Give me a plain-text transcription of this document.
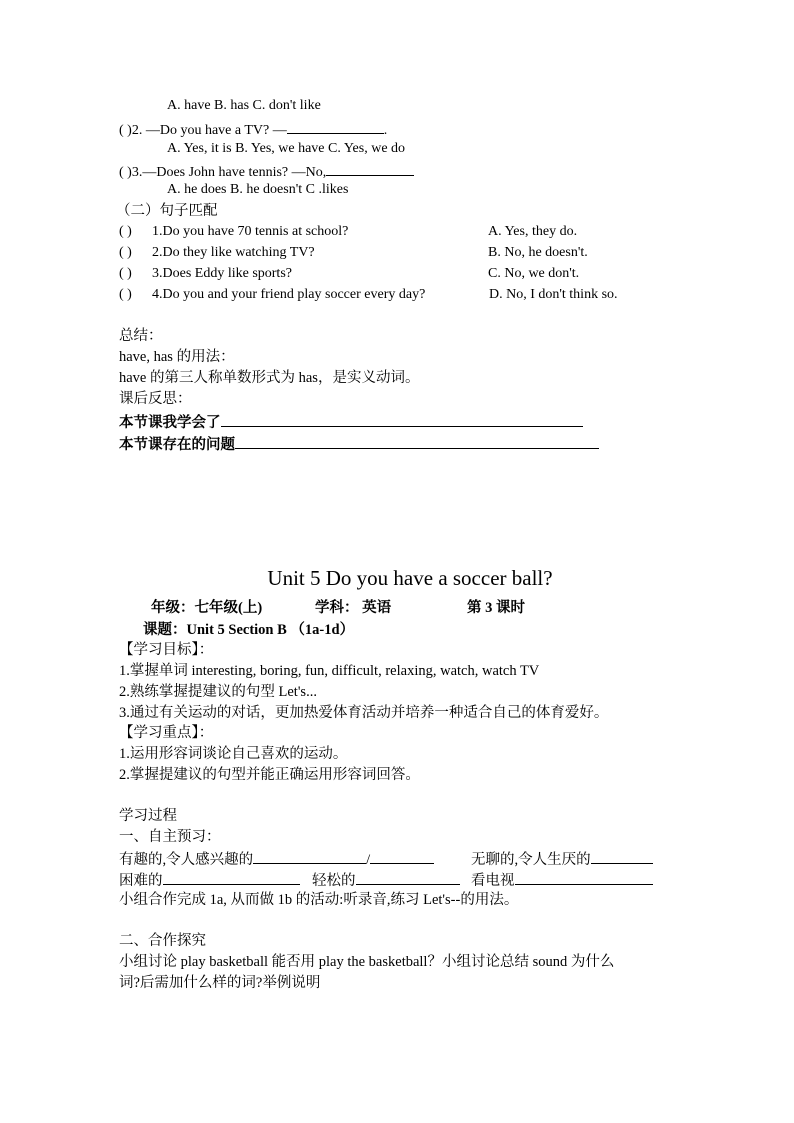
A. have B. has C. don't like
( )2. —Do you have a TV? —	.
A. Yes, it is B. Yes, we have C. Yes, we do
( )3.—Does John have tennis? —No,
A. he does B. he doesn't C .likes
（二）句子匹配
( ) 1.Do you have 70 tennis at school?	A. Yes, they do.
( ) 2.Do they like watching TV?	B. No, he doesn't.
( ) 3.Does Eddy like sports?	C. No, we don't.
( ) 4.Do you and your friend play soccer every day?	D. No, I don't think so.
总结：
have, has 的用法：
have 的第三人称单数形式为 has，是实义动词。
课后反思：
本节课我学会了
本节课存在的问题
Unit 5 Do you have a soccer ball?
年级：七年级(上)	学科： 英语	第 3 课时
课题：Unit 5 Section B （1a-1d）
【学习目标】：
1.掌握单词 interesting, boring, fun, difficult, relaxing, watch, watch TV
2.熟练掌握提建议的句型 Let's...
3.通过有关运动的对话，更加热爱体育活动并培养一种适合自己的体育爱好。
【学习重点】：
1.运用形容词谈论自己喜欢的运动。
2.掌握提建议的句型并能正确运用形容词回答。
学习过程
一、自主预习：
有趣的,令人感兴趣的	/	无聊的,令人生厌的
困难的	轻松的	看电视
小组合作完成 1a, 从而做 1b 的活动:听录音,练习 Let's--的用法。
二、合作探究
小组讨论 play basketball 能否用 play the basketball？小组讨论总结 sound 为什么
词?后需加什么样的词?举例说明
